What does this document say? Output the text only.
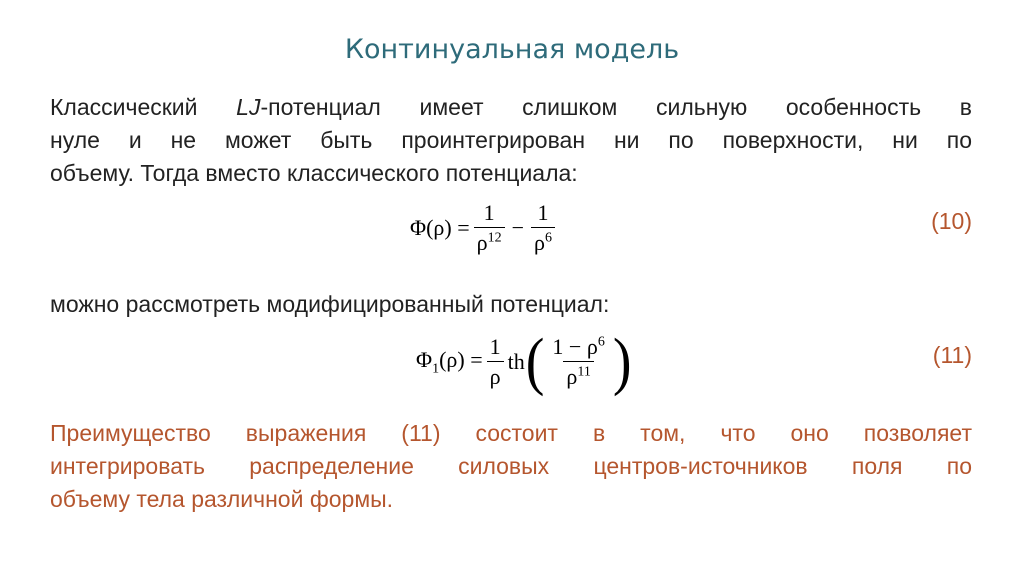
Континуальная модель
Классический LJ-потенциал имеет слишком сильную особенность в
нуле и не может быть проинтегрирован ни по поверхности, ни по
объему. Тогда вместо классического потенциала:
$\Phi(\rho) = \frac{1}{\rho^{12}} - \frac{1}{\rho^6}$	(10)
можно рассмотреть модифицированный потенциал:
$\Phi_1(\rho) = \frac{1}{\rho}$ th ( $\frac{1 - \rho^6}{\rho^{11}}$ )	(11)
Преимущество выражения (11) состоит в том, что оно позволяет
интегрировать распределение силовых центров-источников поля по
объему тела различной формы.
